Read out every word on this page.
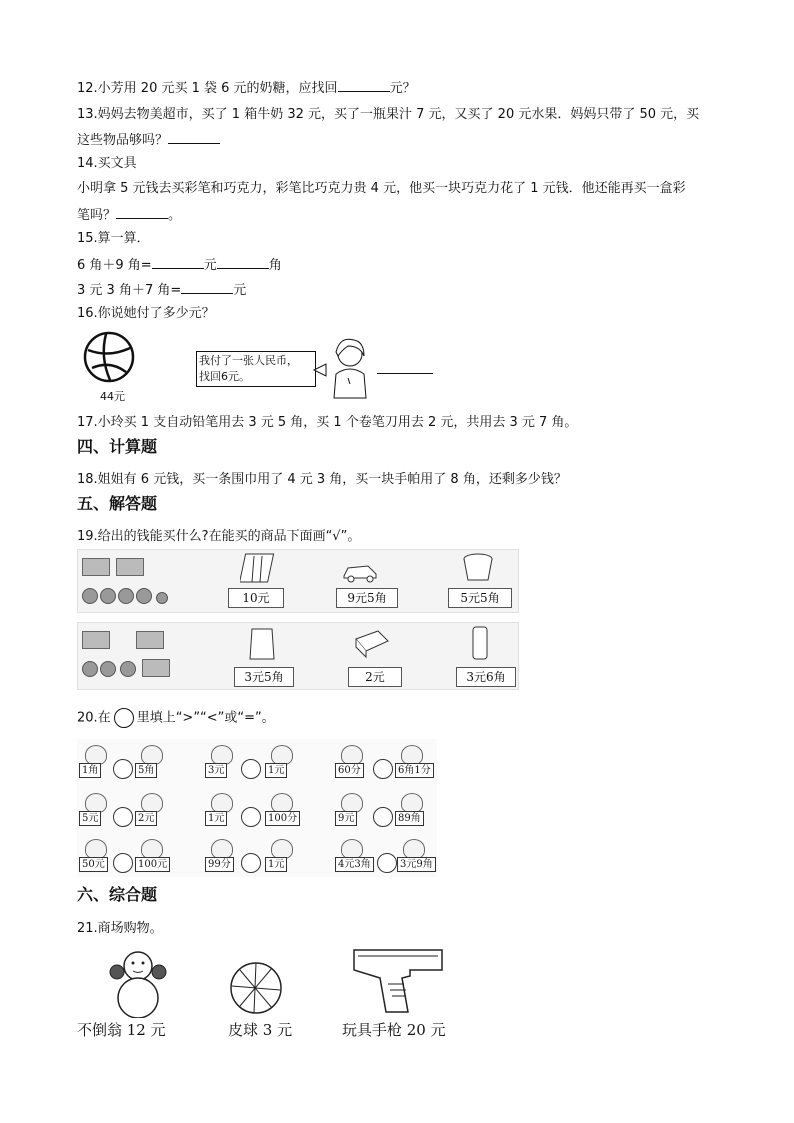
12.小芳用 20 元买 1 袋 6 元的奶糖，应找回	元？
13.妈妈去物美超市，买了 1 箱牛奶 32 元，买了一瓶果汁 7 元，又买了 20 元水果．妈妈只带了 50 元，买
这些物品够吗？
14.买文具
小明拿 5 元钱去买彩笔和巧克力，彩笔比巧克力贵 4 元，他买一块巧克力花了 1 元钱．他还能再买一盒彩
笔吗？	。
15.算一算．
6 角＋9 角=	元	角
3 元 3 角＋7 角=	元
16.你说她付了多少元？
44元
我付了一张人民币，
找回6元。
17.小玲买 1 支自动铅笔用去 3 元 5 角，买 1 个卷笔刀用去 2 元，共用去 3 元 7 角。
四、计算题
18.姐姐有 6 元钱，买一条围巾用了 4 元 3 角，买一块手帕用了 8 角，还剩多少钱？
五、解答题
19.给出的钱能买什么?在能买的商品下面画“√”。
10元	9元5角	5元5角
3元5角	2元	3元6角
20.在 里填上“>”“<”或“=”。
1角	5角	3元	1元	60分	6角1分
5元	2元	1元	100分	9元	89角
50元	100元	99分	1元	4元3角	3元9角
六、综合题
21.商场购物。
不倒翁 12 元	皮球 3 元	玩具手枪 20 元
